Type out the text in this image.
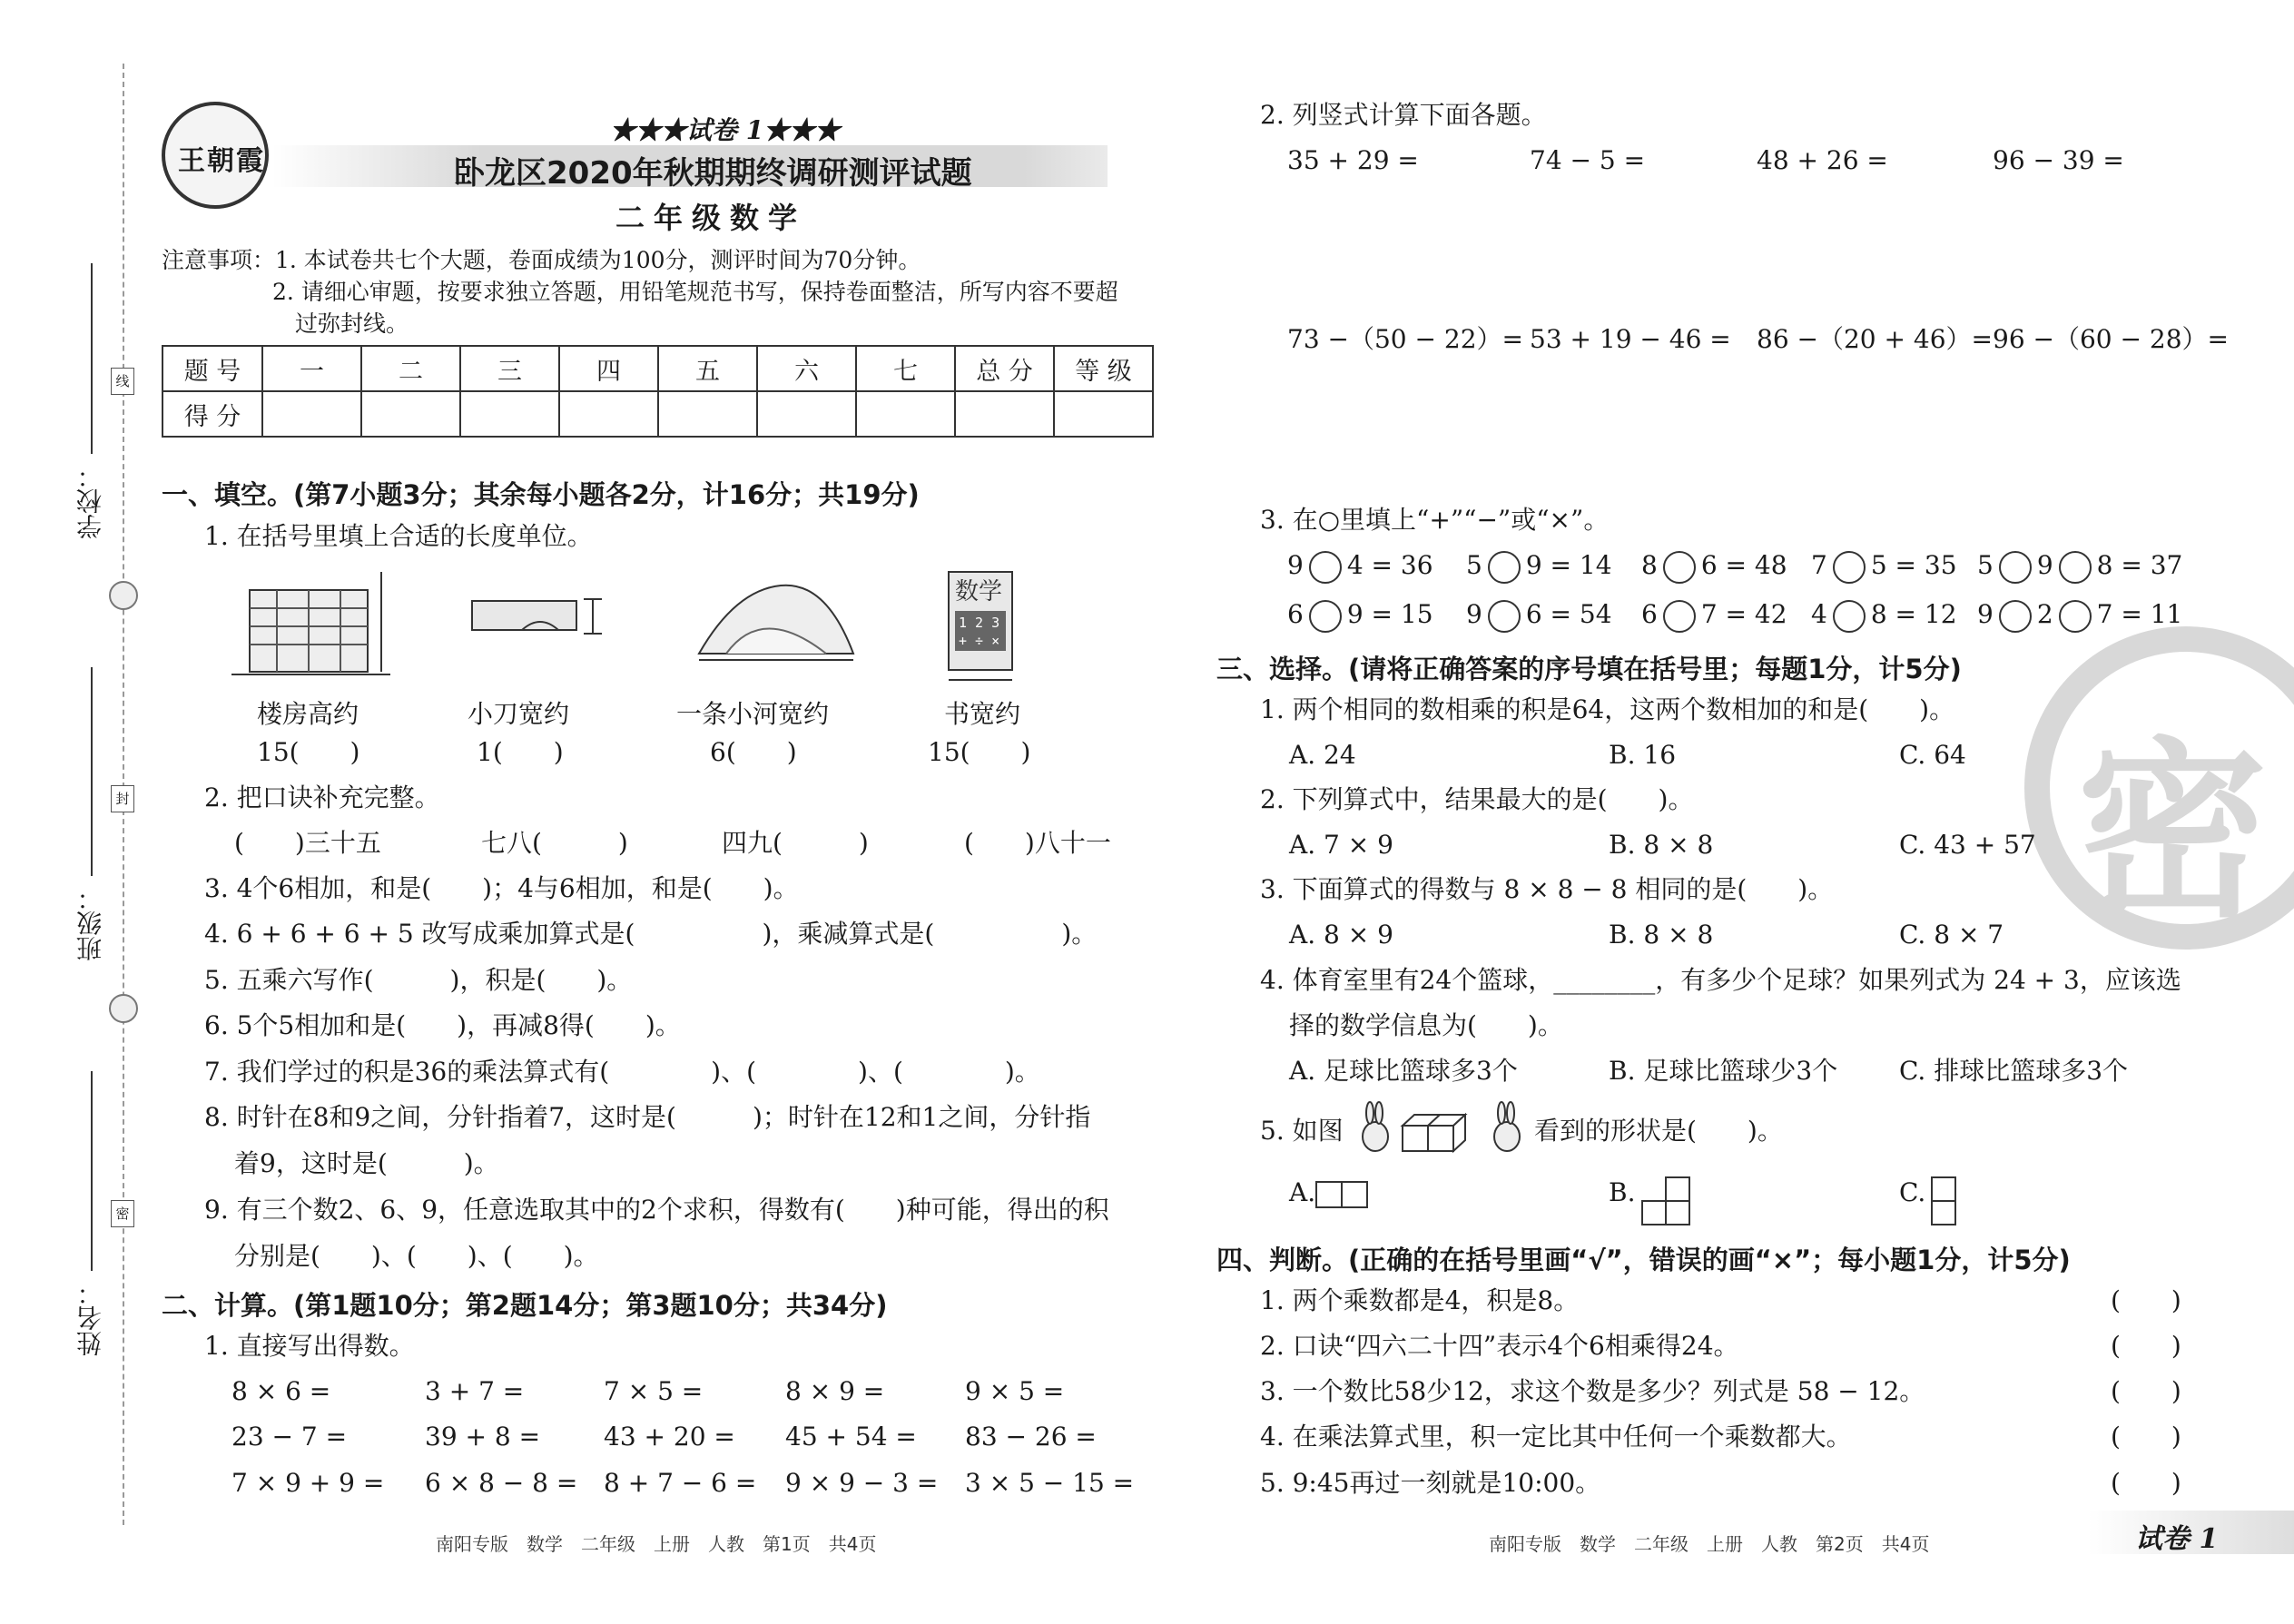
学校：
班级：
姓名：
线
封
密
王朝霞
★★★试卷 1★★★
卧龙区2020年秋期期终调研测评试题
二年级数学
注意事项：1. 本试卷共七个大题，卷面成绩为100分，测评时间为70分钟。
2. 请细心审题，按要求独立答题，用铅笔规范书写，保持卷面整洁，所写内容不要超
过弥封线。
题 号	一	二	三	四	五	六	七	总 分	等 级
得 分									
一、填空。(第7小题3分；其余每小题各2分，计16分；共19分)
1. 在括号里填上合适的长度单位。
数学
1 2 3
+ ÷ ×
楼房高约
15(　　)
小刀宽约
1(　　)
一条小河宽约
6(　　)
书宽约
15(　　)
2. 把口诀补充完整。
(　　)三十五	七八(　　　)	四九(　　　)	(　　)八十一
3. 4个6相加，和是(　　)；4与6相加，和是(　　)。
4. 6 + 6 + 6 + 5 改写成乘加算式是(　　　　　)，乘减算式是(　　　　　)。
5. 五乘六写作(　　　)，积是(　　)。
6. 5个5相加和是(　　)，再减8得(　　)。
7. 我们学过的积是36的乘法算式有(　　　　)、(　　　　)、(　　　　)。
8. 时针在8和9之间，分针指着7，这时是(　　　)；时针在12和1之间，分针指
着9，这时是(　　　)。
9. 有三个数2、6、9，任意选取其中的2个求积，得数有(　　)种可能，得出的积
分别是(　　)、(　　)、(　　)。
二、计算。(第1题10分；第2题14分；第3题10分；共34分)
1. 直接写出得数。
8 × 6 =	3 + 7 =	7 × 5 =	8 × 9 =	9 × 5 =
23 − 7 =	39 + 8 = 43 + 20 = 45 + 54 = 83 − 26 =
7 × 9 + 9 = 6 × 8 − 8 = 8 + 7 − 6 = 9 × 9 − 3 = 3 × 5 − 15 =
南阳专版　数学　二年级　上册　人教　第1页　共4页
密
2. 列竖式计算下面各题。
35 + 29 =	74 − 5 =	48 + 26 =	96 − 39 =
73 −（50 − 22）= 53 + 19 − 46 = 86 −（20 + 46）= 96 −（60 − 28）=
3. 在○里填上“+”“−”或“×”。
9 4 = 36 5 9 = 14 8 6 = 48 7 5 = 35 5 9 8 = 37
6 9 = 15 9 6 = 54 6 7 = 42 4 8 = 12 9 2 7 = 11
三、选择。(请将正确答案的序号填在括号里；每题1分，计5分)
1. 两个相同的数相乘的积是64，这两个数相加的和是(　　)。
A. 24	B. 16	C. 64
2. 下列算式中，结果最大的是(　　)。
A. 7 × 9	B. 8 × 8	C. 43 + 57
3. 下面算式的得数与 8 × 8 − 8 相同的是(　　)。
A. 8 × 9	B. 8 × 8	C. 8 × 7
4. 体育室里有24个篮球，________，有多少个足球？如果列式为 24 + 3，应该选
择的数学信息为(　　)。
A. 足球比篮球多3个	B. 足球比篮球少3个 C. 排球比篮球多3个
5. 如图	看到的形状是(　　)。
A.	B.	C.
四、判断。(正确的在括号里画“√”，错误的画“×”；每小题1分，计5分)
1. 两个乘数都是4，积是8。
2. 口诀“四六二十四”表示4个6相乘得24。
3. 一个数比58少12，求这个数是多少？列式是 58 − 12。
4. 在乘法算式里，积一定比其中任何一个乘数都大。
5. 9:45再过一刻就是10:00。
(　　)
(　　)
(　　)
(　　)
(　　)
南阳专版　数学　二年级　上册　人教　第2页　共4页	试卷 1
